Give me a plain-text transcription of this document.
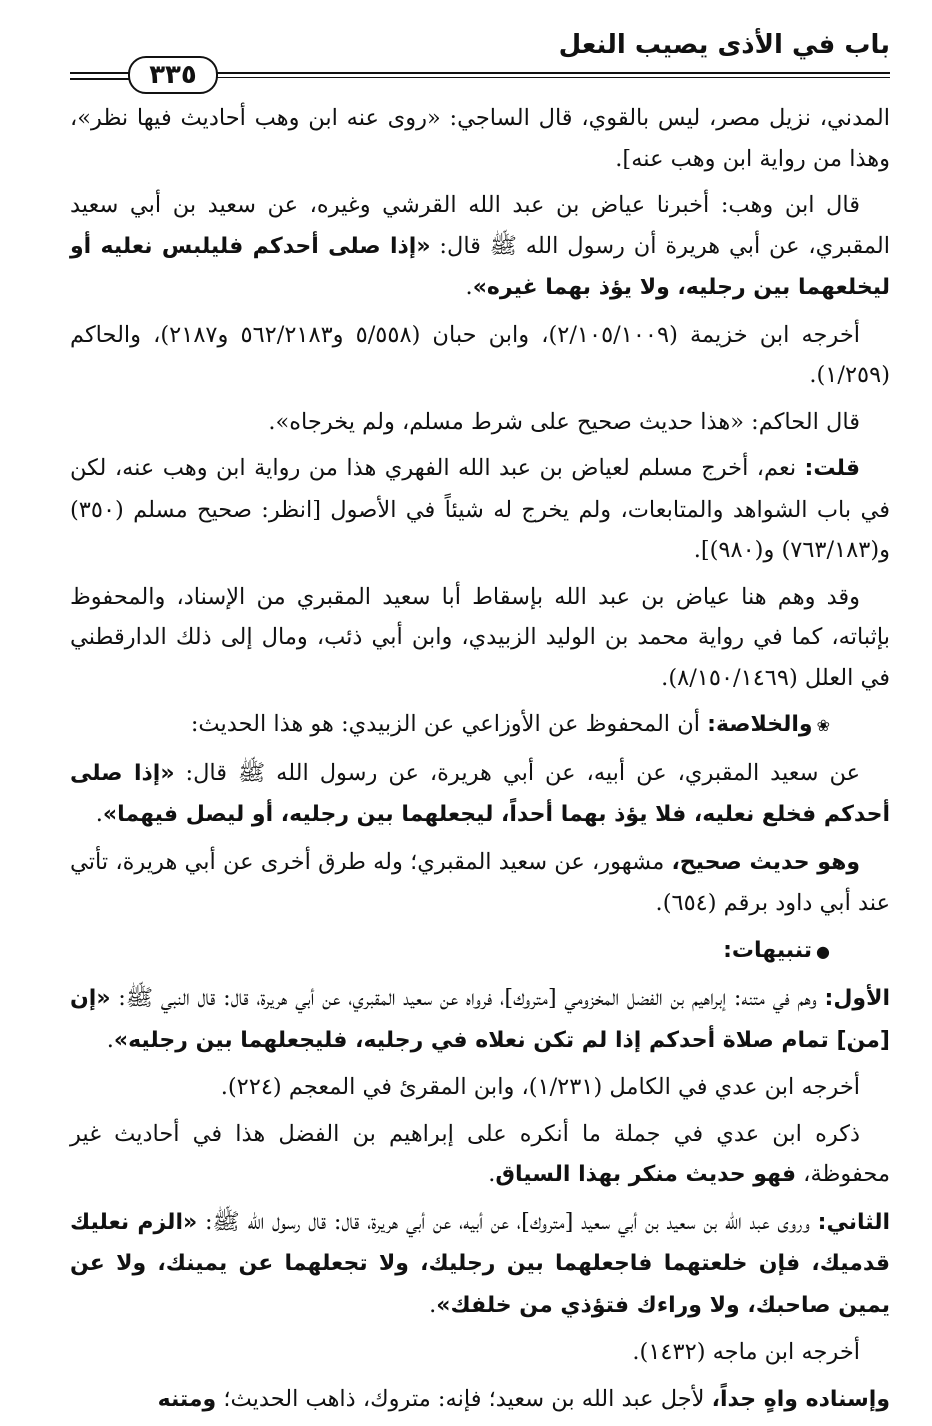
باب في الأذى يصيب النعل
٣٣٥

المدني، نزيل مصر، ليس بالقوي، قال الساجي: «روى عنه ابن وهب أحاديث فيها نظر»، وهذا من رواية ابن وهب عنه].

قال ابن وهب: أخبرنا عياض بن عبد الله القرشي وغيره، عن سعيد بن أبي سعيد المقبري، عن أبي هريرة أن رسول الله ﷺ قال: «إذا صلى أحدكم فليلبس نعليه أو ليخلعهما بين رجليه، ولا يؤذ بهما غيره».

أخرجه ابن خزيمة (٢/١٠٥/١٠٠٩)، وابن حبان (٥/٥٥٨ و٥٦٢/٢١٨٣ و٢١٨٧)، والحاكم (١/٢٥٩).

قال الحاكم: «هذا حديث صحيح على شرط مسلم، ولم يخرجاه».

قلت: نعم، أخرج مسلم لعياض بن عبد الله الفهري هذا من رواية ابن وهب عنه، لكن في باب الشواهد والمتابعات، ولم يخرج له شيئاً في الأصول [انظر: صحيح مسلم (٣٥٠) و(٧٦٣/١٨٣) و(٩٨٠)].

وقد وهم هنا عياض بن عبد الله بإسقاط أبا سعيد المقبري من الإسناد، والمحفوظ بإثباته، كما في رواية محمد بن الوليد الزبيدي، وابن أبي ذئب، ومال إلى ذلك الدارقطني في العلل (٨/١٥٠/١٤٦٩).

❀والخلاصة: أن المحفوظ عن الأوزاعي عن الزبيدي: هو هذا الحديث:

عن سعيد المقبري، عن أبيه، عن أبي هريرة، عن رسول الله ﷺ قال: «إذا صلى أحدكم فخلع نعليه، فلا يؤذ بهما أحداً، ليجعلهما بين رجليه، أو ليصل فيهما».

وهو حديث صحيح، مشهور، عن سعيد المقبري؛ وله طرق أخرى عن أبي هريرة، تأتي عند أبي داود برقم (٦٥٤).

●تنبيهات:

الأول: وهم في متنه: إبراهيم بن الفضل المخزومي [متروك]، فرواه عن سعيد المقبري، عن أبي هريرة، قال: قال النبي ﷺ: «إن [من] تمام صلاة أحدكم إذا لم تكن نعلاه في رجليه، فليجعلهما بين رجليه».

أخرجه ابن عدي في الكامل (١/٢٣١)، وابن المقرئ في المعجم (٢٢٤).

ذكره ابن عدي في جملة ما أنكره على إبراهيم بن الفضل هذا في أحاديث غير محفوظة، فهو حديث منكر بهذا السياق.

الثاني: وروى عبد الله بن سعيد بن أبي سعيد [متروك]، عن أبيه، عن أبي هريرة، قال: قال رسول الله ﷺ: «الزم نعليك قدميك، فإن خلعتهما فاجعلهما بين رجليك، ولا تجعلهما عن يمينك، ولا عن يمين صاحبك، ولا وراءك فتؤذي من خلفك».

أخرجه ابن ماجه (١٤٣٢).

وإسناده واهٍ جداً، لأجل عبد الله بن سعيد؛ فإنه: متروك، ذاهب الحديث؛ ومتنه
